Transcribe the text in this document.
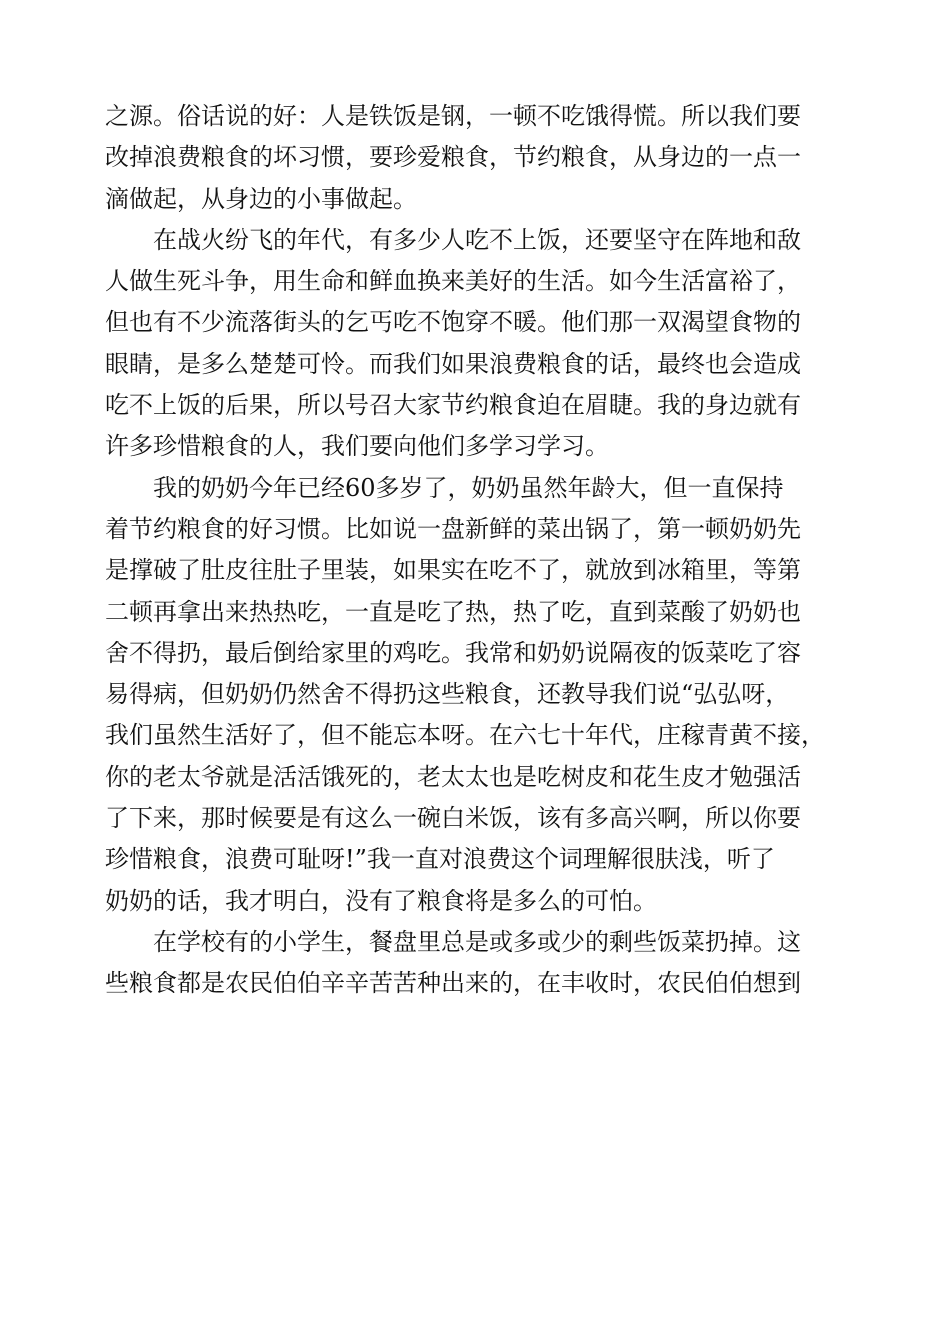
之源。俗话说的好：人是铁饭是钢，一顿不吃饿得慌。所以我们要
改掉浪费粮食的坏习惯，要珍爱粮食，节约粮食，从身边的一点一
滴做起，从身边的小事做起。
在战火纷飞的年代，有多少人吃不上饭，还要坚守在阵地和敌
人做生死斗争，用生命和鲜血换来美好的生活。如今生活富裕了，
但也有不少流落街头的乞丐吃不饱穿不暖。他们那一双渴望食物的
眼睛，是多么楚楚可怜。而我们如果浪费粮食的话，最终也会造成
吃不上饭的后果，所以号召大家节约粮食迫在眉睫。我的身边就有
许多珍惜粮食的人，我们要向他们多学习学习。
我的奶奶今年已经60多岁了，奶奶虽然年龄大，但一直保持
着节约粮食的好习惯。比如说一盘新鲜的菜出锅了，第一顿奶奶先
是撑破了肚皮往肚子里装，如果实在吃不了，就放到冰箱里，等第
二顿再拿出来热热吃，一直是吃了热，热了吃，直到菜酸了奶奶也
舍不得扔，最后倒给家里的鸡吃。我常和奶奶说隔夜的饭菜吃了容
易得病，但奶奶仍然舍不得扔这些粮食，还教导我们说“弘弘呀，
我们虽然生活好了，但不能忘本呀。在六七十年代，庄稼青黄不接，
你的老太爷就是活活饿死的，老太太也是吃树皮和花生皮才勉强活
了下来，那时候要是有这么一碗白米饭，该有多高兴啊，所以你要
珍惜粮食，浪费可耻呀!”我一直对浪费这个词理解很肤浅，听了
奶奶的话，我才明白，没有了粮食将是多么的可怕。
在学校有的小学生，餐盘里总是或多或少的剩些饭菜扔掉。这
些粮食都是农民伯伯辛辛苦苦种出来的，在丰收时，农民伯伯想到
